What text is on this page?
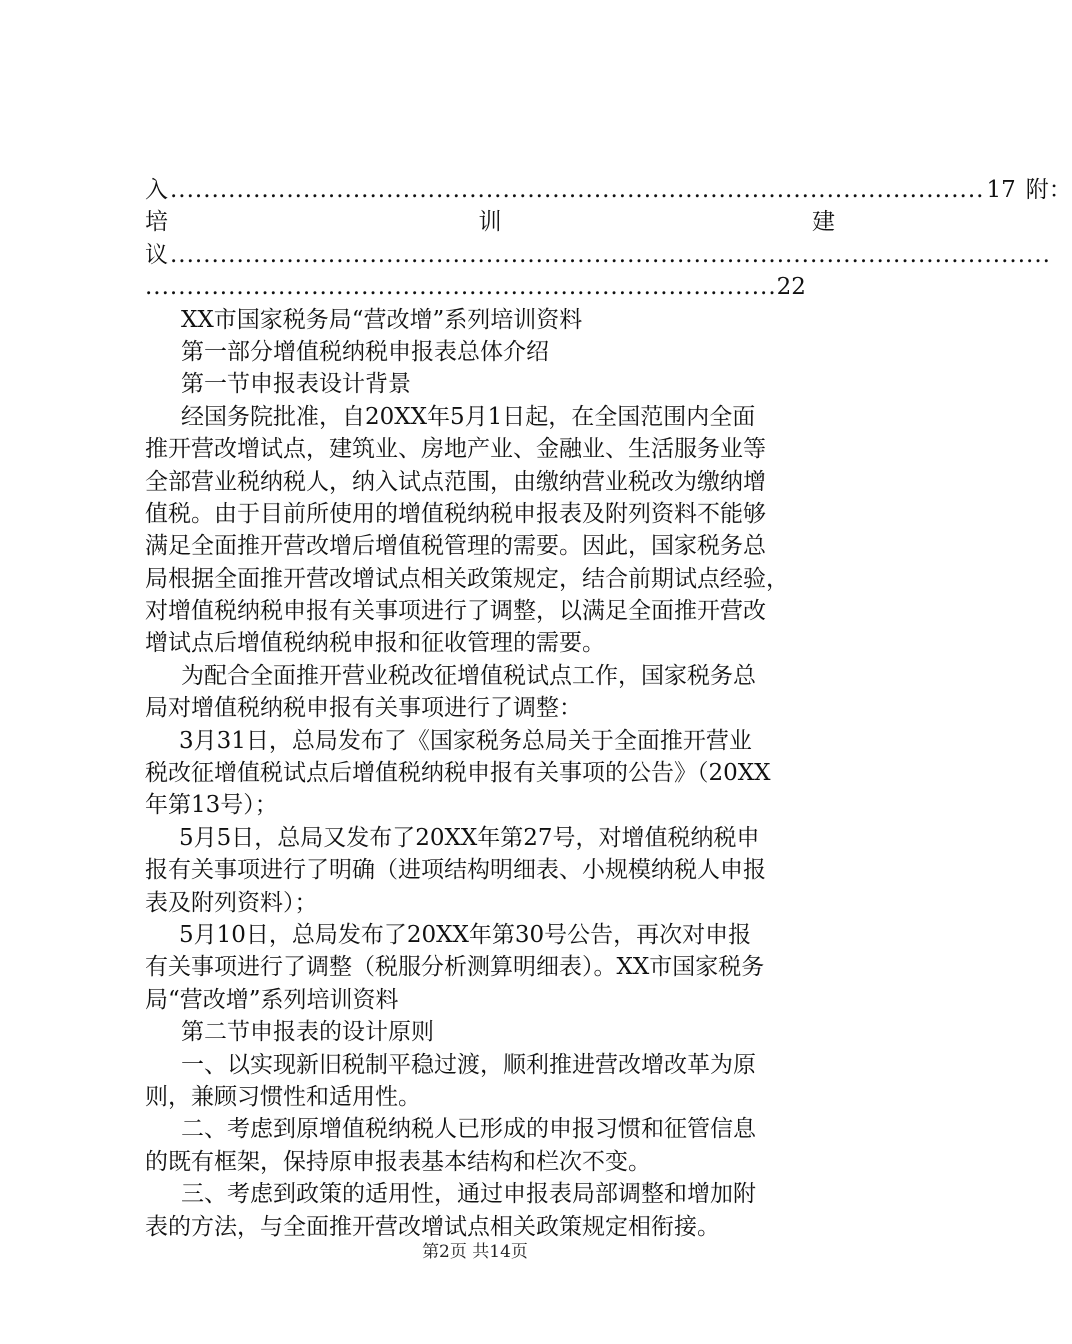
入 .................................................................................................. 17 附：
培	训	建
议 ..........................................................................................................
............................................................................ 22
XX市国家税务局“营改增”系列培训资料
第一部分增值税纳税申报表总体介绍
第一节申报表设计背景
经国务院批准，自20XX年5月1日起，在全国范围内全面
推开营改增试点，建筑业、房地产业、金融业、生活服务业等
全部营业税纳税人，纳入试点范围，由缴纳营业税改为缴纳增
值税。由于目前所使用的增值税纳税申报表及附列资料不能够
满足全面推开营改增后增值税管理的需要。因此，国家税务总
局根据全面推开营改增试点相关政策规定，结合前期试点经验，
对增值税纳税申报有关事项进行了调整，以满足全面推开营改
增试点后增值税纳税申报和征收管理的需要。
为配合全面推开营业税改征增值税试点工作，国家税务总
局对增值税纳税申报有关事项进行了调整：
3月31日，总局发布了《国家税务总局关于全面推开营业
税改征增值税试点后增值税纳税申报有关事项的公告》（20XX
年第13号）；
5月5日，总局又发布了20XX年第27号，对增值税纳税申
报有关事项进行了明确（进项结构明细表、小规模纳税人申报
表及附列资料）；
5月10日，总局发布了20XX年第30号公告，再次对申报
有关事项进行了调整（税服分析测算明细表）。XX市国家税务
局“营改增”系列培训资料
第二节申报表的设计原则
一、以实现新旧税制平稳过渡，顺利推进营改增改革为原
则，兼顾习惯性和适用性。
二、考虑到原增值税纳税人已形成的申报习惯和征管信息
的既有框架，保持原申报表基本结构和栏次不变。
三、考虑到政策的适用性，通过申报表局部调整和增加附
表的方法，与全面推开营改增试点相关政策规定相衔接。
第2页 共14页
